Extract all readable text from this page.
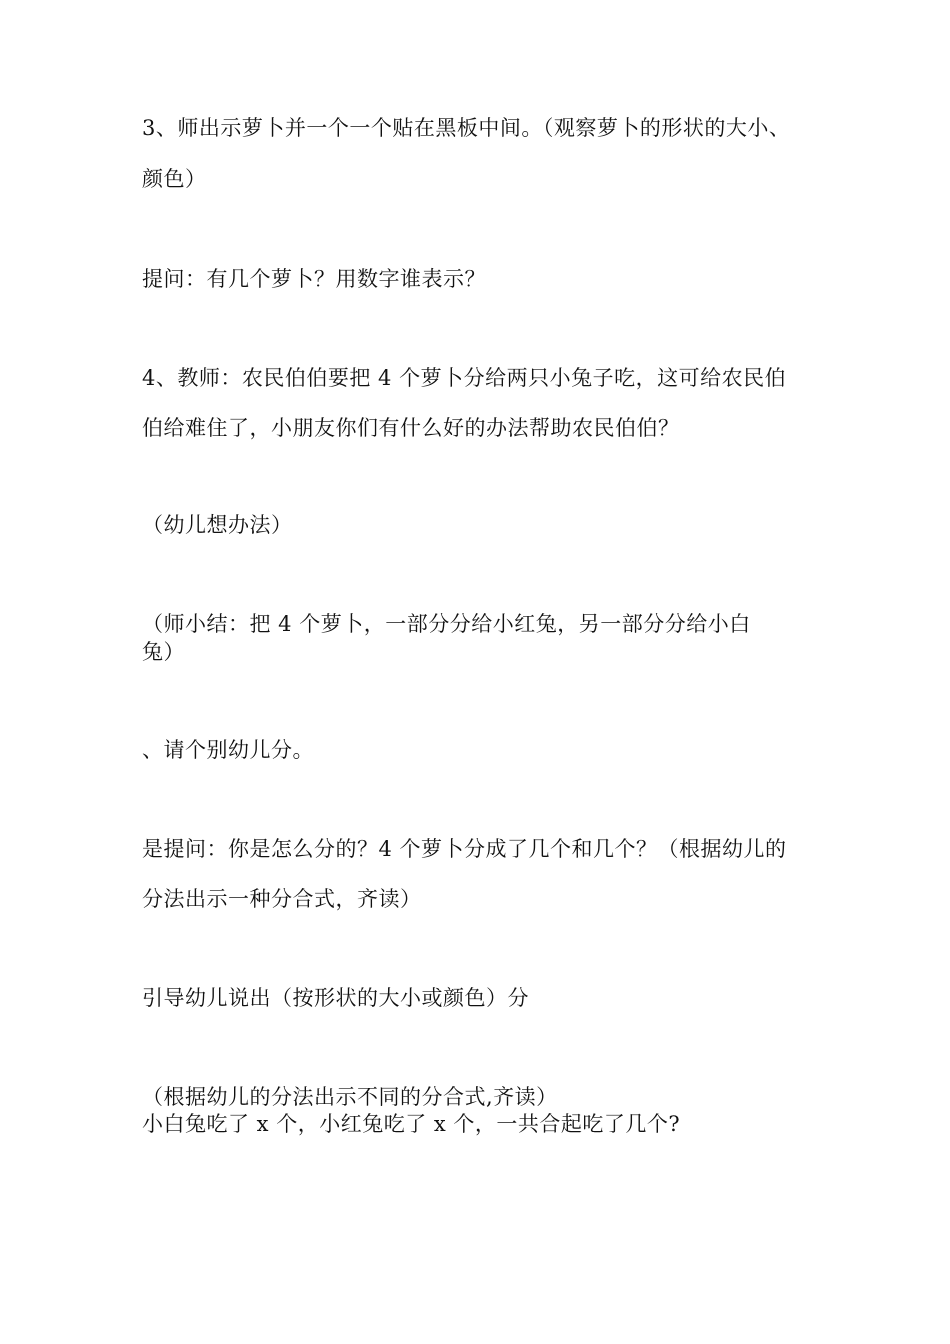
3、师出示萝卜并一个一个贴在黑板中间。（观察萝卜的形状的大小、
颜色）
提问：有几个萝卜？用数字谁表示？
4、教师：农民伯伯要把 4 个萝卜分给两只小兔子吃，这可给农民伯
伯给难住了，小朋友你们有什么好的办法帮助农民伯伯？
（幼儿想办法）
（师小结：把 4 个萝卜，一部分分给小红兔，另一部分分给小白
兔）
、请个别幼儿分。
是提问：你是怎么分的？4 个萝卜分成了几个和几个？（根据幼儿的
分法出示一种分合式，齐读）
引导幼儿说出（按形状的大小或颜色）分
（根据幼儿的分法出示不同的分合式,齐读）
小白兔吃了 x 个，小红兔吃了 x 个，一共合起吃了几个?
